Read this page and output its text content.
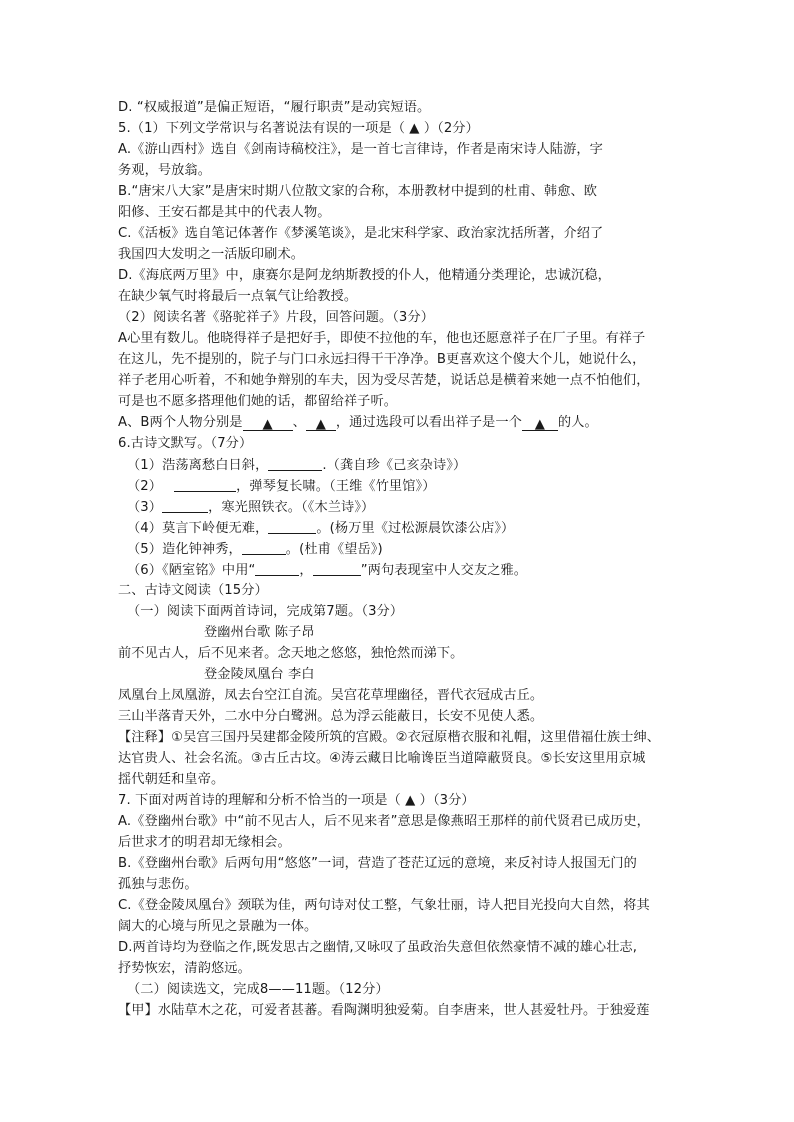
D. “权威报道”是偏正短语，“履行职责”是动宾短语。
5.（1）下列文学常识与名著说法有误的一项是（ ▲ ）（2分）
A.《游山西村》选自《剑南诗稿校注》，是一首七言律诗，作者是南宋诗人陆游，字
务观，号放翁。
B.“唐宋八大家”是唐宋时期八位散文家的合称，本册教材中提到的杜甫、韩愈、欧
阳修、王安石都是其中的代表人物。
C.《活板》选自笔记体著作《梦溪笔谈》，是北宋科学家、政治家沈括所著，介绍了
我国四大发明之一活版印刷术。
D.《海底两万里》中，康赛尔是阿龙纳斯教授的仆人，他精通分类理论，忠诚沉稳，
在缺少氧气时将最后一点氧气让给教授。
（2）阅读名著《骆驼祥子》片段，回答问题。（3分）
A心里有数儿。他晓得祥子是把好手，即使不拉他的车，他也还愿意祥子在厂子里。有祥子
在这儿，先不提别的，院子与门口永远扫得干干净净。B更喜欢这个傻大个儿，她说什么，
祥子老用心听着，不和她争辩别的车夫，因为受尽苦楚，说话总是横着来她一点不怕他们，
可是也不愿多搭理他们她的话，都留给祥子听。
A、B两个人物分别是 ▲ 、 ▲ ，通过选段可以看出祥子是一个 ▲ 的人。
6.古诗文默写。（7分）
（1）浩荡离愁白日斜，	.（龚自珍《己亥杂诗》）
（2）	，弹琴复长啸。（王维《竹里馆》）
（3）	，寒光照铁衣。（《木兰诗》）
（4）莫言下岭便无难，	。(杨万里《过松源晨饮漆公店》）
（5）造化钟神秀，	。(杜甫《望岳》)
（6）《陋室铭》中用“	，	”两句表现室中人交友之雅。
二、古诗文阅读（15分）
（一）阅读下面两首诗词，完成第7题。（3分）
登幽州台歌 陈子昂
前不见古人，后不见来者。念天地之悠悠，独怆然而涕下。
登金陵凤凰台 李白
凤凰台上凤凰游，凤去台空江自流。吴宫花草埋幽径，晋代衣冠成古丘。
三山半落青天外，二水中分白鹭洲。总为浮云能蔽日，长安不见使人悉。
【注释】①吴宫三国丹吴建都金陵所筑的宫殿。②衣冠原楷衣服和礼帽，这里借福仕族士绅、
达官贵人、社会名流。③古丘古坟。④涛云藏日比喻谗臣当道障蔽贤良。⑤长安这里用京城
揺代朝廷和皇帝。
7. 下面对两首诗的理解和分析不恰当的一项是（ ▲ ）（3分）
A.《登幽州台歌》中“前不见古人，后不见来者”意思是像燕昭王那样的前代贤君已成历史，
后世求才的明君却无缘相会。
B.《登幽州台歌》后两句用“悠悠”一词，营造了苍茫辽远的意境，来反衬诗人报国无门的
孤独与悲伤。
C.《登金陵凤凰台》颈联为佳，两句诗对仗工整，气象壮丽，诗人把目光投向大自然，将其
阔大的心境与所见之景融为一体。
D.两首诗均为登临之作,既发思古之幽情,又咏叹了虽政治失意但依然豪情不减的雄心壮志,
抒势恢宏，清韵悠远。
（二）阅读选文，完成8——11题。（12分）
【甲】水陆草木之花，可爱者甚蕃。看陶渊明独爱菊。自李唐来，世人甚爱牡丹。于独爱莲
